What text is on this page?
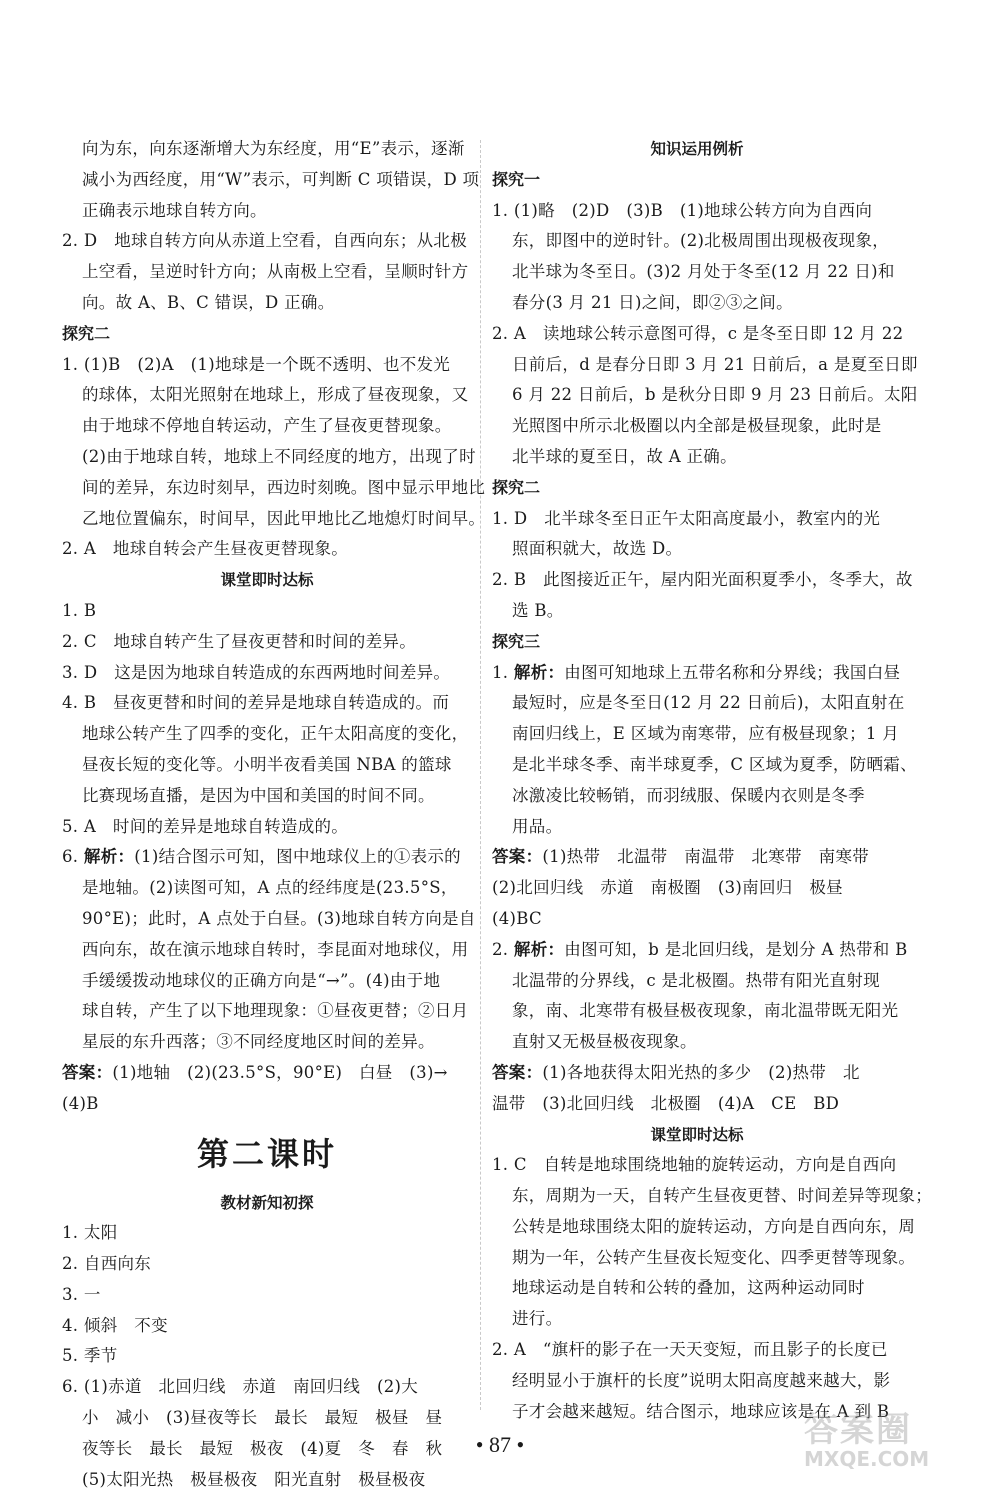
向为东，向东逐渐增大为东经度，用“E”表示，逐渐
减小为西经度，用“W”表示，可判断 C 项错误，D 项
正确表示地球自转方向。
2. D　地球自转方向从赤道上空看，自西向东；从北极
上空看，呈逆时针方向；从南极上空看，呈顺时针方
向。故 A、B、C 错误，D 正确。
探究二
1. (1)B　(2)A　(1)地球是一个既不透明、也不发光
的球体，太阳光照射在地球上，形成了昼夜现象，又
由于地球不停地自转运动，产生了昼夜更替现象。
(2)由于地球自转，地球上不同经度的地方，出现了时
间的差异，东边时刻早，西边时刻晚。图中显示甲地比
乙地位置偏东，时间早，因此甲地比乙地熄灯时间早。
2. A　地球自转会产生昼夜更替现象。
课堂即时达标
1. B
2. C　地球自转产生了昼夜更替和时间的差异。
3. D　这是因为地球自转造成的东西两地时间差异。
4. B　昼夜更替和时间的差异是地球自转造成的。而
地球公转产生了四季的变化，正午太阳高度的变化，
昼夜长短的变化等。小明半夜看美国 NBA 的篮球
比赛现场直播，是因为中国和美国的时间不同。
5. A　时间的差异是地球自转造成的。
6. 解析：(1)结合图示可知，图中地球仪上的①表示的
是地轴。(2)读图可知，A 点的经纬度是(23.5°S，
90°E)；此时，A 点处于白昼。(3)地球自转方向是自
西向东，故在演示地球自转时，李昆面对地球仪，用
手缓缓拨动地球仪的正确方向是“→”。(4)由于地
球自转，产生了以下地理现象：①昼夜更替；②日月
星辰的东升西落；③不同经度地区时间的差异。
答案：(1)地轴　(2)(23.5°S，90°E)　白昼　(3)→
(4)B
第二课时
教材新知初探
1. 太阳
2. 自西向东
3. 一
4. 倾斜　不变
5. 季节
6. (1)赤道　北回归线　赤道　南回归线　(2)大
小　减小　(3)昼夜等长　最长　最短　极昼　昼
夜等长　最长　最短　极夜　(4)夏　冬　春　秋
(5)太阳光热　极昼极夜　阳光直射　极昼极夜
知识运用例析
探究一
1. (1)略　(2)D　(3)B　(1)地球公转方向为自西向
东，即图中的逆时针。(2)北极周围出现极夜现象，
北半球为冬至日。(3)2 月处于冬至(12 月 22 日)和
春分(3 月 21 日)之间，即②③之间。
2. A　读地球公转示意图可得，c 是冬至日即 12 月 22
日前后，d 是春分日即 3 月 21 日前后，a 是夏至日即
6 月 22 日前后，b 是秋分日即 9 月 23 日前后。太阳
光照图中所示北极圈以内全部是极昼现象，此时是
北半球的夏至日，故 A 正确。
探究二
1. D　北半球冬至日正午太阳高度最小，教室内的光
照面积就大，故选 D。
2. B　此图接近正午，屋内阳光面积夏季小，冬季大，故
选 B。
探究三
1. 解析：由图可知地球上五带名称和分界线；我国白昼
最短时，应是冬至日(12 月 22 日前后)，太阳直射在
南回归线上，E 区域为南寒带，应有极昼现象；1 月
是北半球冬季、南半球夏季，C 区域为夏季，防晒霜、
冰激凌比较畅销，而羽绒服、保暖内衣则是冬季
用品。
答案：(1)热带　北温带　南温带　北寒带　南寒带
(2)北回归线　赤道　南极圈　(3)南回归　极昼
(4)BC
2. 解析：由图可知，b 是北回归线，是划分 A 热带和 B
北温带的分界线，c 是北极圈。热带有阳光直射现
象，南、北寒带有极昼极夜现象，南北温带既无阳光
直射又无极昼极夜现象。
答案：(1)各地获得太阳光热的多少　(2)热带　北
温带　(3)北回归线　北极圈　(4)A　CE　BD
课堂即时达标
1. C　自转是地球围绕地轴的旋转运动，方向是自西向
东，周期为一天，自转产生昼夜更替、时间差异等现象；
公转是地球围绕太阳的旋转运动，方向是自西向东，周
期为一年，公转产生昼夜长短变化、四季更替等现象。
地球运动是自转和公转的叠加，这两种运动同时
进行。
2. A　“旗杆的影子在一天天变短，而且影子的长度已
经明显小于旗杆的长度”说明太阳高度越来越大，影
子才会越来越短。结合图示，地球应该是在 A 到 B
• 87 •	答案圈
MXQE.COM
